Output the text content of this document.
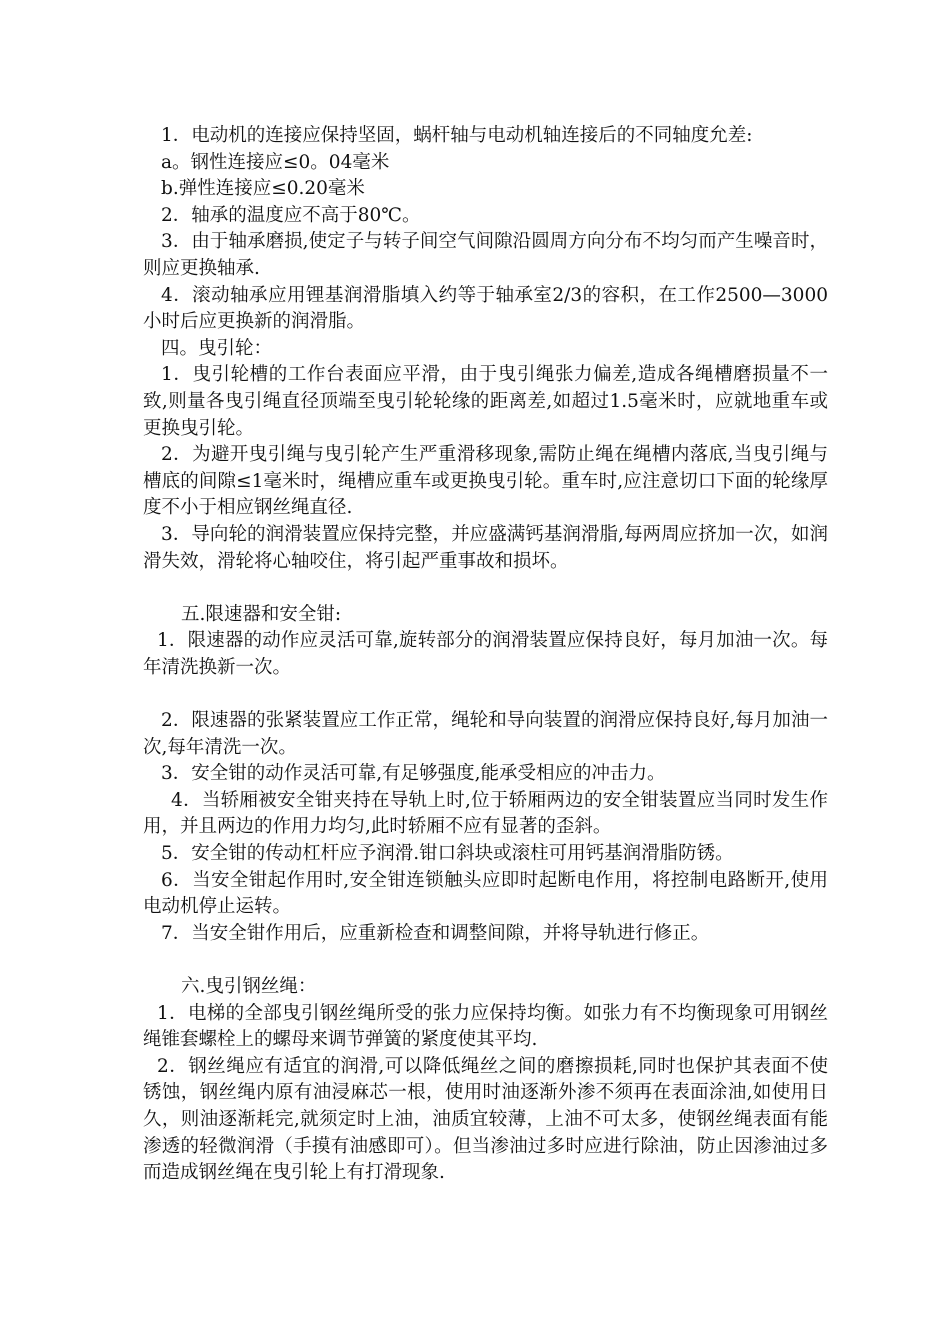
1．电动机的连接应保持坚固，蜗杆轴与电动机轴连接后的不同轴度允差:

a。钢性连接应≤0。04毫米

b.弹性连接应≤0.20毫米

2．轴承的温度应不高于80℃。

3．由于轴承磨损,使定子与转子间空气间隙沿圆周方向分布不均匀而产生噪音时，则应更换轴承.

4．滚动轴承应用锂基润滑脂填入约等于轴承室2/3的容积，在工作2500—3000小时后应更换新的润滑脂。

四。曳引轮：

1．曳引轮槽的工作台表面应平滑，由于曳引绳张力偏差,造成各绳槽磨损量不一致,则量各曳引绳直径顶端至曳引轮轮缘的距离差,如超过1.5毫米时，应就地重车或更换曳引轮。

2．为避开曳引绳与曳引轮产生严重滑移现象,需防止绳在绳槽内落底,当曳引绳与槽底的间隙≤1毫米时，绳槽应重车或更换曳引轮。重车时,应注意切口下面的轮缘厚度不小于相应钢丝绳直径.

3．导向轮的润滑装置应保持完整，并应盛满钙基润滑脂,每两周应挤加一次，如润滑失效，滑轮将心轴咬住，将引起严重事故和损坏。

五.限速器和安全钳:

1．限速器的动作应灵活可靠,旋转部分的润滑装置应保持良好，每月加油一次。每年清洗换新一次。

2．限速器的张紧装置应工作正常，绳轮和导向装置的润滑应保持良好,每月加油一次,每年清洗一次。

3．安全钳的动作灵活可靠,有足够强度,能承受相应的冲击力。

4．当轿厢被安全钳夹持在导轨上时,位于轿厢两边的安全钳装置应当同时发生作用，并且两边的作用力均匀,此时轿厢不应有显著的歪斜。

5．安全钳的传动杠杆应予润滑.钳口斜块或滚柱可用钙基润滑脂防锈。

6．当安全钳起作用时,安全钳连锁触头应即时起断电作用，将控制电路断开,使用电动机停止运转。

7．当安全钳作用后，应重新检查和调整间隙，并将导轨进行修正。

六.曳引钢丝绳：

1．电梯的全部曳引钢丝绳所受的张力应保持均衡。如张力有不均衡现象可用钢丝绳锥套螺栓上的螺母来调节弹簧的紧度使其平均.

2．钢丝绳应有适宜的润滑,可以降低绳丝之间的磨擦损耗,同时也保护其表面不使锈蚀，钢丝绳内原有油浸麻芯一根，使用时油逐渐外渗不须再在表面涂油,如使用日久，则油逐渐耗完,就须定时上油，油质宜较薄，上油不可太多，使钢丝绳表面有能渗透的轻微润滑（手摸有油感即可）。但当渗油过多时应进行除油，防止因渗油过多而造成钢丝绳在曳引轮上有打滑现象.
